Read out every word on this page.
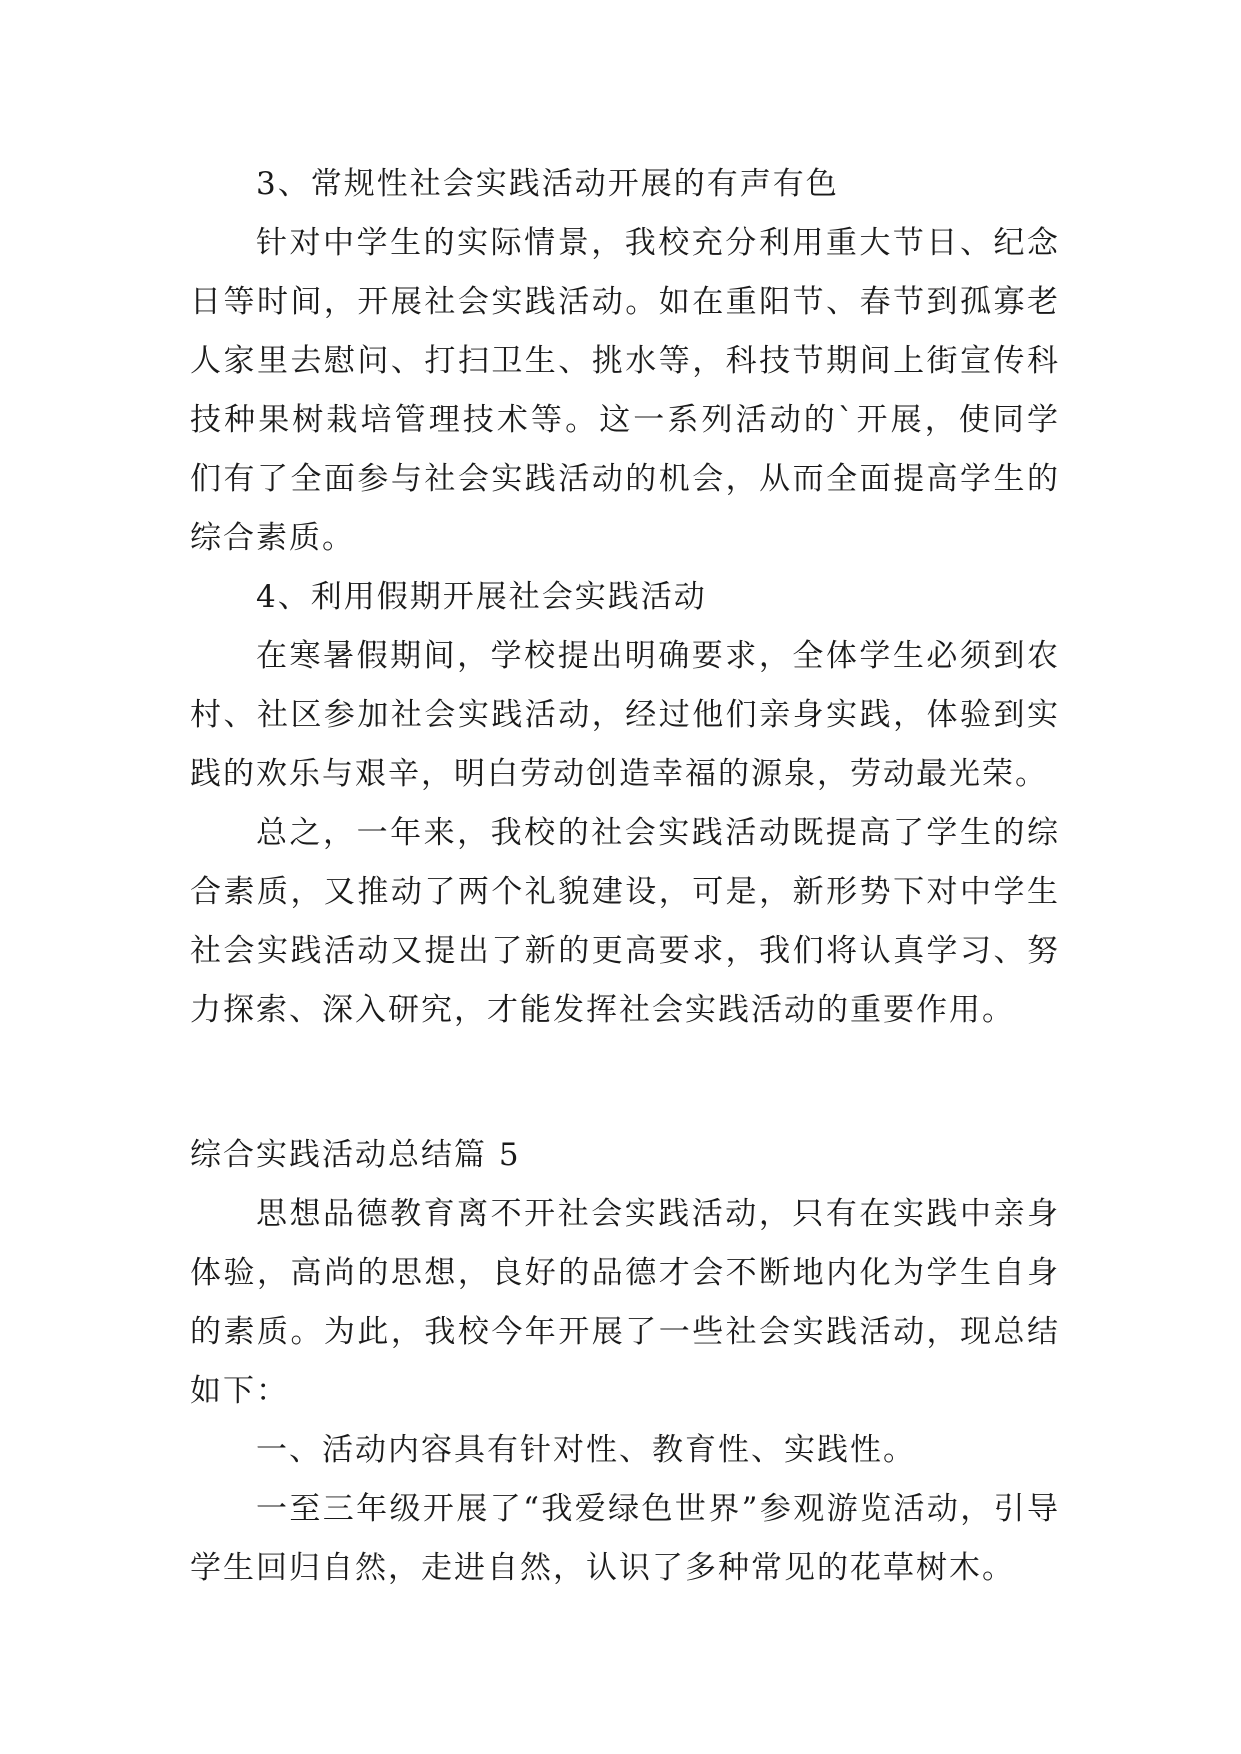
3、常规性社会实践活动开展的有声有色

针对中学生的实际情景，我校充分利用重大节日、纪念日等时间，开展社会实践活动。如在重阳节、春节到孤寡老人家里去慰问、打扫卫生、挑水等，科技节期间上街宣传科技种果树栽培管理技术等。这一系列活动的`开展，使同学们有了全面参与社会实践活动的机会，从而全面提高学生的综合素质。

4、利用假期开展社会实践活动

在寒暑假期间，学校提出明确要求，全体学生必须到农村、社区参加社会实践活动，经过他们亲身实践，体验到实践的欢乐与艰辛，明白劳动创造幸福的源泉，劳动最光荣。

总之，一年来，我校的社会实践活动既提高了学生的综合素质，又推动了两个礼貌建设，可是，新形势下对中学生社会实践活动又提出了新的更高要求，我们将认真学习、努力探索、深入研究，才能发挥社会实践活动的重要作用。

综合实践活动总结篇 5

思想品德教育离不开社会实践活动，只有在实践中亲身体验，高尚的思想，良好的品德才会不断地内化为学生自身的素质。为此，我校今年开展了一些社会实践活动，现总结如下：

一、活动内容具有针对性、教育性、实践性。

一至三年级开展了“我爱绿色世界”参观游览活动，引导学生回归自然，走进自然，认识了多种常见的花草树木。
